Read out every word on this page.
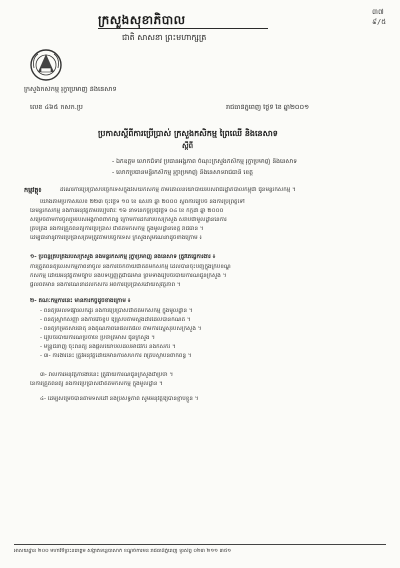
៣៧
៩/៥
ក្រសួងសុខាភិបាល
ជាតិ សាសនា ព្រះមហាក្សត្រ
ក្រសួងកសិកម្ម រុក្ខាប្រមាញ់ និងនេសាទ
លេខ ៤៦៥ កសក.ប្រ	រាជធានីភ្នំពេញ ថ្ងៃទី ខែ ឆ្នាំ២០០១
ប្រកាសស្តីពីការប្រើប្រាស់ ក្រសួងកសិកម្ម ព្រៃឈើ និងនេសាទ
ស្តីពី
- ឯកឧត្តម លោកជំទាវ ប្រធានអង្គភាព ចំណុះក្រសួងកសិកម្ម រុក្ខាប្រមាញ់ និងនេសាទ
- លោកប្រធានមន្ទីរកសិកម្ម រុក្ខាប្រមាញ់ និងនេសាទរាជធានី ខេត្ត
កម្មវត្ថុ៖	ដំណើរការប្រើប្រាស់បច្ចេកទេសក្នុងវិស័យកសិកម្ម តាមគោលនយោបាយរបស់រាជរដ្ឋាភិបាលកម្ពុជា ជូនមន្ទីរកសិកម្ម ។
យោងតាមប្រកាសលេខ ២២៣ ចុះថ្ងៃទី ១០ ខែ ឧសភា ឆ្នាំ ២០០០ ស្តីពីការរៀបចំ និងការប្រព្រឹត្តទៅ
នៃមន្ទីរកសិកម្ម និងការអនុវត្តតាមរបៀបវារៈ ១៦ នាទីនៃកិច្ចប្រជុំថ្ងៃទី ០៤ ខែ កក្កដា ឆ្នាំ ២០០០
សម្រេចតាមការចូលរួមរបស់អង្គភាពពាក់ព័ន្ធ ក្រោមការដឹកនាំរបស់ក្រសួង សំរាប់ជាមូលដ្ឋាននៃការ
គ្រប់គ្រង និងការត្រួតពិនិត្យការប្រើប្រាស់ ជាតិគីមីកសិកម្ម ក្នុងមូលដ្ឋានខេត្ត រាជធានី ។
ដើម្បីធានានូវការប្រើប្រាស់ត្រឹមត្រូវតាមបច្ចេកទេស ក្រសួងសូមណែនាំដូចខាងក្រោម ៖
១- ប្រព័ន្ធគ្រប់គ្រងរបស់ក្រសួង និងមន្ទីរកសិកម្ម រុក្ខាប្រមាញ់ និងនេសាទ ត្រូវតែធ្វើការងារ ៖
ការត្រួតពិនិត្យលើសកម្មភាពនាំចូល និងការចែកចាយជាតិគីមីកសិកម្ម ដែលបានចុះបញ្ជីក្នុងក្របខ័ណ្ឌ
កសិកម្ម ដោយអនុវត្តតាមច្បាប់ និងបទប្បញ្ញត្តិជាធរមាន ព្រមទាំងរៀបចំរបាយការណ៍ជូនក្រសួង ។
ផ្តល់ព័ត៌មាន និងការណែនាំដល់កសិករ អំពីការប្រើប្រាស់ដោយសុវត្ថិភាព ។
២- គណៈកម្មការនេះ មានភារកិច្ចដូចខាងក្រោម ៖
- ពិនិត្យមើលទីផ្សារលក់ដូរ និងការប្រើប្រាស់ជាតិគីមីកសិកម្ម ក្នុងមូលដ្ឋាន ។
- ពិនិត្យស្លាកសញ្ញា និងការវេចខ្ចប់ ឱ្យស្របតាមស្តង់ដារដែលបានកំណត់ ។
- ពិនិត្យកម្រិតសារធាតុ និងគុណភាពនៃផលិតផល តាមការស្នើសុំរបស់ក្រសួង ។
- រៀបចំរបាយការណ៍ប្រចាំខែ ប្រចាំត្រីមាស ជូនក្រសួង ។
- មន្ត្រីជំនាញ ចុះពិនិត្យ និងផ្តល់យោបល់ដល់អាជីវករ និងកសិករ ។
- ៣- ការងារនេះ ត្រូវអនុវត្តដោយមានការសហការ ពីគ្រប់ស្ថាប័នពាក់ព័ន្ធ ។
៣- រាល់ការអនុវត្តការងារនេះ ត្រូវរាយការណ៍ជូនក្រសួងជាប្រចាំ ។
នៃការត្រួតពិនិត្យ និងការប្រើប្រាស់ជាតិគីមីកសិកម្ម ក្នុងមូលដ្ឋាន ។
៤- ដើម្បីសម្រេចបានតាមទិសដៅ និងប្រសិទ្ធភាព សូមអនុវត្តឱ្យបានខ្ជាប់ខ្ជួន ។
អាសយដ្ឋាន ២០០ មហាវិថីព្រះនរោត្តម សង្កាត់ទន្លេបាសាក់ ខណ្ឌចំការមន រាជធានីភ្នំពេញ ទូរស័ព្ទ ០២៣ ២១១ ៣៥១
